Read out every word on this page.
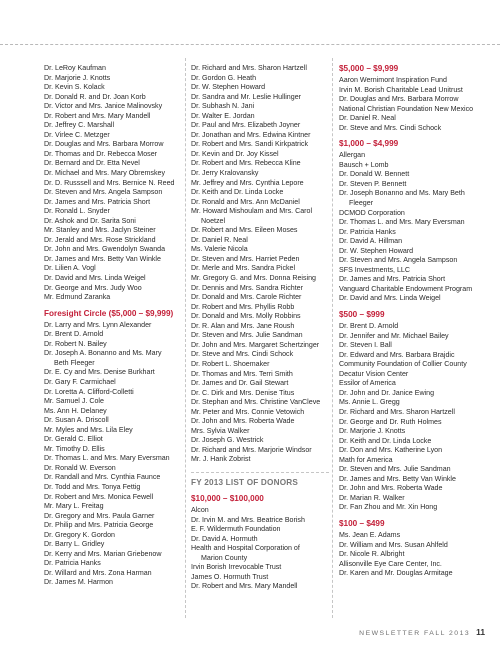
Dr. LeRoy Kaufman
Dr. Marjorie J. Knotts
Dr. Kevin S. Kolack
Dr. Donald R. and Dr. Joan Korb
Dr. Victor and Mrs. Janice Malinovsky
Dr. Robert and Mrs. Mary Mandell
Dr. Jeffrey C. Marshall
Dr. Virlee C. Metzger
Dr. Douglas and Mrs. Barbara Morrow
Dr. Thomas and Dr. Rebecca Moser
Dr. Bernard and Dr. Etta Nevel
Dr. Michael and Mrs. Mary Obremskey
Dr. D. Russsell and Mrs. Bernice N. Reed
Dr. Steven and Mrs. Angela Sampson
Dr. James and Mrs. Patricia Short
Dr. Ronald L. Snyder
Dr. Ashok and Dr. Sarita Soni
Mr. Stanley and Mrs. Jaclyn Steiner
Dr. Jerald and Mrs. Rose Strickland
Dr. John and Mrs. Gwendolyn Swanda
Dr. James and Mrs. Betty Van Winkle
Dr. Lilien A. Vogl
Dr. David and Mrs. Linda Weigel
Dr. George and Mrs. Judy Woo
Mr. Edmund Zaranka
Foresight Circle ($5,000 – $9,999)
Dr. Larry and Mrs. Lynn Alexander
Dr. Brent D. Arnold
Dr. Robert N. Bailey
Dr. Joseph A. Bonanno and Ms. Mary
Beth Fleeger
Dr. E. Cy and Mrs. Denise Burkhart
Dr. Gary F. Carmichael
Dr. Loretta A. Clifford-Colletti
Mr. Samuel J. Cole
Ms. Ann H. Delaney
Dr. Susan A. Driscoll
Mr. Myles and Mrs. Lila Eley
Dr. Gerald C. Elliot
Mr. Timothy D. Ellis
Dr. Thomas L. and Mrs. Mary Eversman
Dr. Ronald W. Everson
Dr. Randall and Mrs. Cynthia Faunce
Dr. Todd and Mrs. Tonya Fettig
Dr. Robert and Mrs. Monica Fewell
Mr. Mary L. Freitag
Dr. Gregory and Mrs. Paula Garner
Dr. Philip and Mrs. Patricia George
Dr. Gregory K. Gordon
Dr. Barry L. Gridley
Dr. Kerry and Mrs. Marian Griebenow
Dr. Patricia Hanks
Dr. Willard and Mrs. Zona Harman
Dr. James M. Harmon
Dr. Richard and Mrs. Sharon Hartzell
Dr. Gordon G. Heath
Dr. W. Stephen Howard
Dr. Sandra and Mr. Leslie Hullinger
Dr. Subhash N. Jani
Dr. Walter E. Jordan
Dr. Paul and Mrs. Elizabeth Joyner
Dr. Jonathan and Mrs. Edwina Kintner
Dr. Robert and Mrs. Sandi Kirkpatrick
Dr. Kevin and Dr. Joy Kissel
Dr. Robert and Mrs. Rebecca Kline
Dr. Jerry Kralovansky
Mr. Jeffrey and Mrs. Cynthia Lepore
Dr. Keith and Dr. Linda Locke
Dr. Ronald and Mrs. Ann McDaniel
Mr. Howard Mishoulam and Mrs. Carol
Noetzel
Dr. Robert and Mrs. Eileen Moses
Dr. Daniel R. Neal
Ms. Valerie Nicola
Dr. Steven and Mrs. Harriet Peden
Dr. Merle and Mrs. Sandra Pickel
Mr. Gregory G. and Mrs. Donna Reising
Dr. Dennis and Mrs. Sandra Richter
Dr. Donald and Mrs. Carole Richter
Dr. Robert and Mrs. Phyllis Robb
Dr. Donald and Mrs. Molly Robbins
Dr. R. Alan and Mrs. Jane Roush
Dr. Steven and Mrs. Julie Sandman
Dr. John and Mrs. Margaret Schertzinger
Dr. Steve and Mrs. Cindi Schock
Dr. Robert L. Shoemaker
Dr. Thomas and Mrs. Terri Smith
Dr. James and Dr. Gail Stewart
Dr. C. Dirk and Mrs. Denise Titus
Dr. Stephan and Mrs. Christine VanCleve
Mr. Peter and Mrs. Connie Vetowich
Dr. John and Mrs. Roberta Wade
Mrs. Sylvia Walker
Dr. Joseph G. Westrick
Dr. Richard and Mrs. Marjorie Windsor
Mr. J. Hank Zobrist
FY 2013 LIST OF DONORS
$10,000 – $100,000
Alcon
Dr. Irvin M. and Mrs. Beatrice Borish
E. F. Wildermuth Foundation
Dr. David A. Hormuth
Health and Hospital Corporation of
Marion County
Irvin Borish Irrevocable Trust
James O. Hormuth Trust
Dr. Robert and Mrs. Mary Mandell
$5,000 – $9,999
Aaron Wernimont Inspiration Fund
Irvin M. Borish Charitable Lead Unitrust
Dr. Douglas and Mrs. Barbara Morrow
National Christian Foundation New Mexico
Dr. Daniel R. Neal
Dr. Steve and Mrs. Cindi Schock
$1,000 – $4,999
Allergan
Bausch + Lomb
Dr. Donald W. Bennett
Dr. Steven P. Bennett
Dr. Joseph Bonanno and Ms. Mary Beth
Fleeger
DCMOD Corporation
Dr. Thomas L. and Mrs. Mary Eversman
Dr. Patricia Hanks
Dr. David A. Hillman
Dr. W. Stephen Howard
Dr. Steven and Mrs. Angela Sampson
SFS Investments, LLC
Dr. James and Mrs. Patricia Short
Vanguard Charitable Endowment Program
Dr. David and Mrs. Linda Weigel
$500 – $999
Dr. Brent D. Arnold
Dr. Jennifer and Mr. Michael Bailey
Dr. Steven I. Ball
Dr. Edward and Mrs. Barbara Brajdic
Community Foundation of Collier County
Decatur Vision Center
Essilor of America
Dr. John and Dr. Janice Ewing
Ms. Annie L. Gregg
Dr. Richard and Mrs. Sharon Hartzell
Dr. George and Dr. Ruth Holmes
Dr. Marjorie J. Knotts
Dr. Keith and Dr. Linda Locke
Dr. Don and Mrs. Katherine Lyon
Math for America
Dr. Steven and Mrs. Julie Sandman
Dr. James and Mrs. Betty Van Winkle
Dr. John and Mrs. Roberta Wade
Dr. Marian R. Walker
Dr. Fan Zhou and Mr. Xin Hong
$100 – $499
Ms. Jean E. Adams
Dr. William and Mrs. Susan Ahlfeld
Dr. Nicole R. Albright
Allisonville Eye Care Center, Inc.
Dr. Karen and Mr. Douglas Armitage
NEWSLETTER FALL 2013 11
